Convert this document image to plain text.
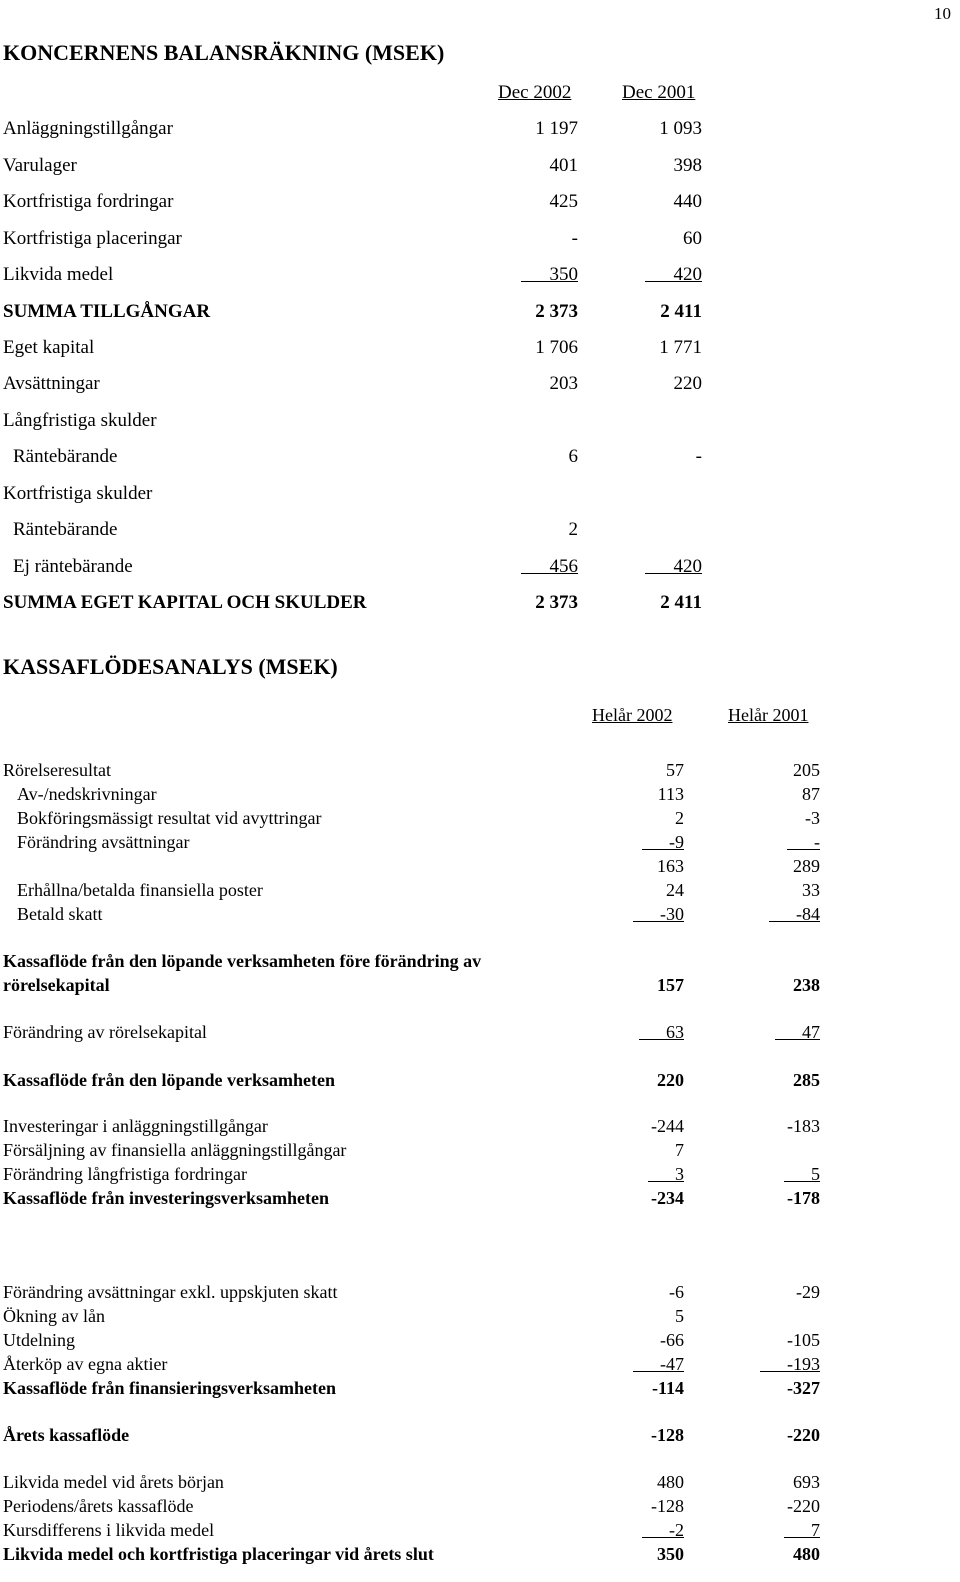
10
KONCERNENS BALANSRÄKNING (MSEK)
Dec 2002	Dec 2001
Anläggningstillgångar	1 197	1 093
Varulager	401	398
Kortfristiga fordringar	425	440
Kortfristiga placeringar	-	60
Likvida medel	350	420
SUMMA TILLGÅNGAR	2 373	2 411
Eget kapital	1 706	1 771
Avsättningar	203	220
Långfristiga skulder
Räntebärande	6	-
Kortfristiga skulder
Räntebärande	2
Ej räntebärande	456	420
SUMMA EGET KAPITAL OCH SKULDER	2 373	2 411
KASSAFLÖDESANALYS (MSEK)
Helår 2002	Helår 2001
Rörelseresultat	57	205
Av-/nedskrivningar	113	87
Bokföringsmässigt resultat vid avyttringar	2	-3
Förändring avsättningar	-9	-
163	289
Erhållna/betalda finansiella poster	24	33
Betald skatt	-30	-84
Kassaflöde från den löpande verksamheten före förändring av
rörelsekapital	157	238
Förändring av rörelsekapital	63	47
Kassaflöde från den löpande verksamheten	220	285
Investeringar i anläggningstillgångar	-244	-183
Försäljning av finansiella anläggningstillgångar	7
Förändring långfristiga fordringar	3	5
Kassaflöde från investeringsverksamheten	-234	-178
Förändring avsättningar exkl. uppskjuten skatt	-6	-29
Ökning av lån	5
Utdelning	-66	-105
Återköp av egna aktier	-47	-193
Kassaflöde från finansieringsverksamheten	-114	-327
Årets kassaflöde	-128	-220
Likvida medel vid årets början	480	693
Periodens/årets kassaflöde	-128	-220
Kursdifferens i likvida medel	-2	7
Likvida medel och kortfristiga placeringar vid årets slut	350	480
